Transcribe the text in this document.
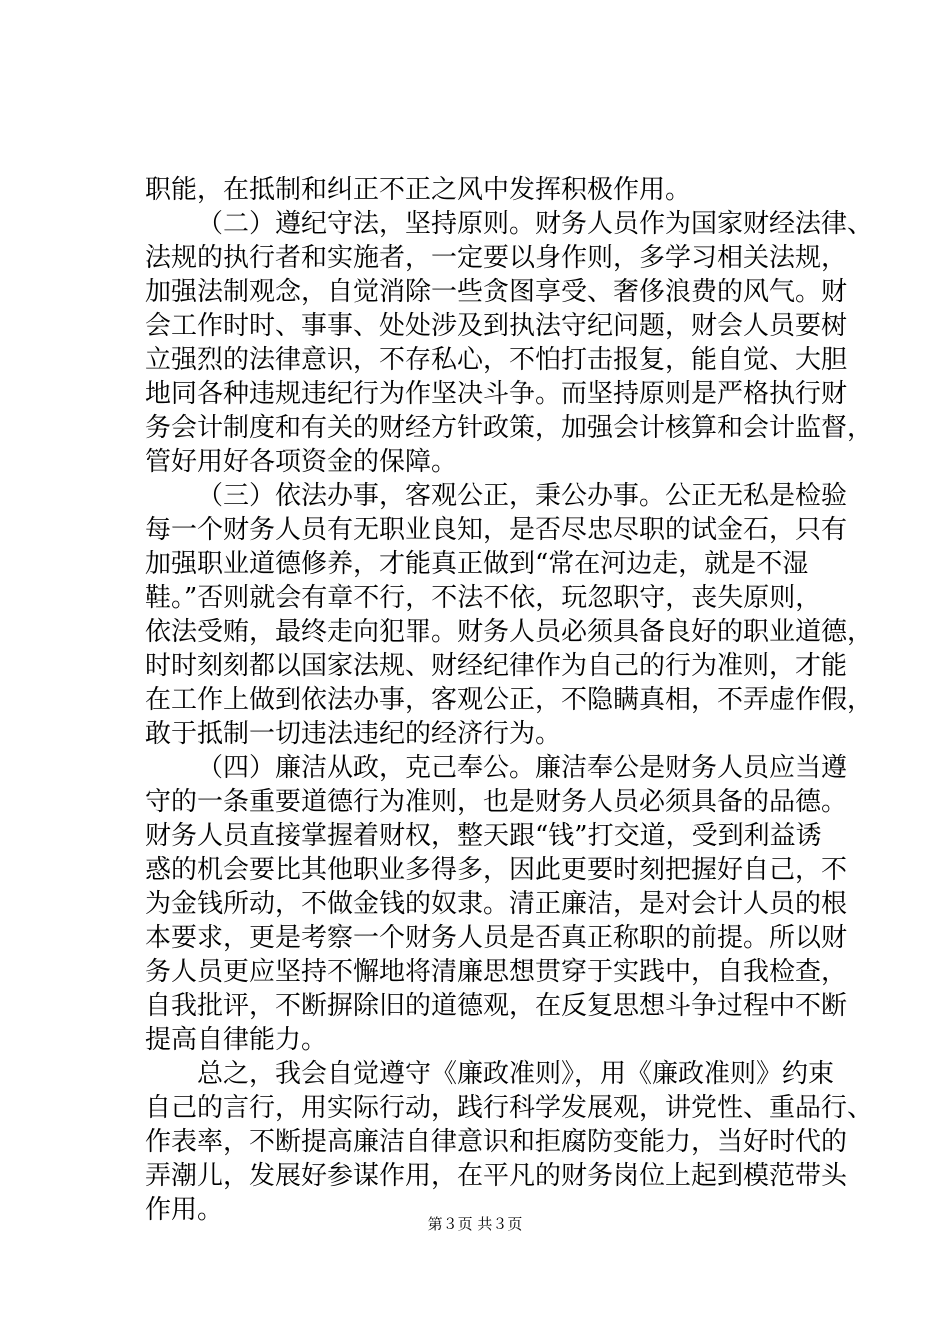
职能，在抵制和纠正不正之风中发挥积极作用。
（二）遵纪守法，坚持原则。财务人员作为国家财经法律、
法规的执行者和实施者，一定要以身作则，多学习相关法规，
加强法制观念，自觉消除一些贪图享受、奢侈浪费的风气。财
会工作时时、事事、处处涉及到执法守纪问题，财会人员要树
立强烈的法律意识，不存私心，不怕打击报复，能自觉、大胆
地同各种违规违纪行为作坚决斗争。而坚持原则是严格执行财
务会计制度和有关的财经方针政策，加强会计核算和会计监督，
管好用好各项资金的保障。
（三）依法办事，客观公正，秉公办事。公正无私是检验
每一个财务人员有无职业良知，是否尽忠尽职的试金石，只有
加强职业道德修养，才能真正做到“常在河边走，就是不湿
鞋。”否则就会有章不行，不法不依，玩忽职守，丧失原则，
依法受贿，最终走向犯罪。财务人员必须具备良好的职业道德，
时时刻刻都以国家法规、财经纪律作为自己的行为准则，才能
在工作上做到依法办事，客观公正，不隐瞒真相，不弄虚作假，
敢于抵制一切违法违纪的经济行为。
（四）廉洁从政，克己奉公。廉洁奉公是财务人员应当遵
守的一条重要道德行为准则，也是财务人员必须具备的品德。
财务人员直接掌握着财权，整天跟“钱”打交道，受到利益诱
惑的机会要比其他职业多得多，因此更要时刻把握好自己，不
为金钱所动，不做金钱的奴隶。清正廉洁，是对会计人员的根
本要求，更是考察一个财务人员是否真正称职的前提。所以财
务人员更应坚持不懈地将清廉思想贯穿于实践中，自我检查，
自我批评，不断摒除旧的道德观，在反复思想斗争过程中不断
提高自律能力。
总之，我会自觉遵守《廉政准则》，用《廉政准则》约束
自己的言行，用实际行动，践行科学发展观，讲党性、重品行、
作表率，不断提高廉洁自律意识和拒腐防变能力，当好时代的
弄潮儿，发展好参谋作用，在平凡的财务岗位上起到模范带头
作用。	第３页 共３页
